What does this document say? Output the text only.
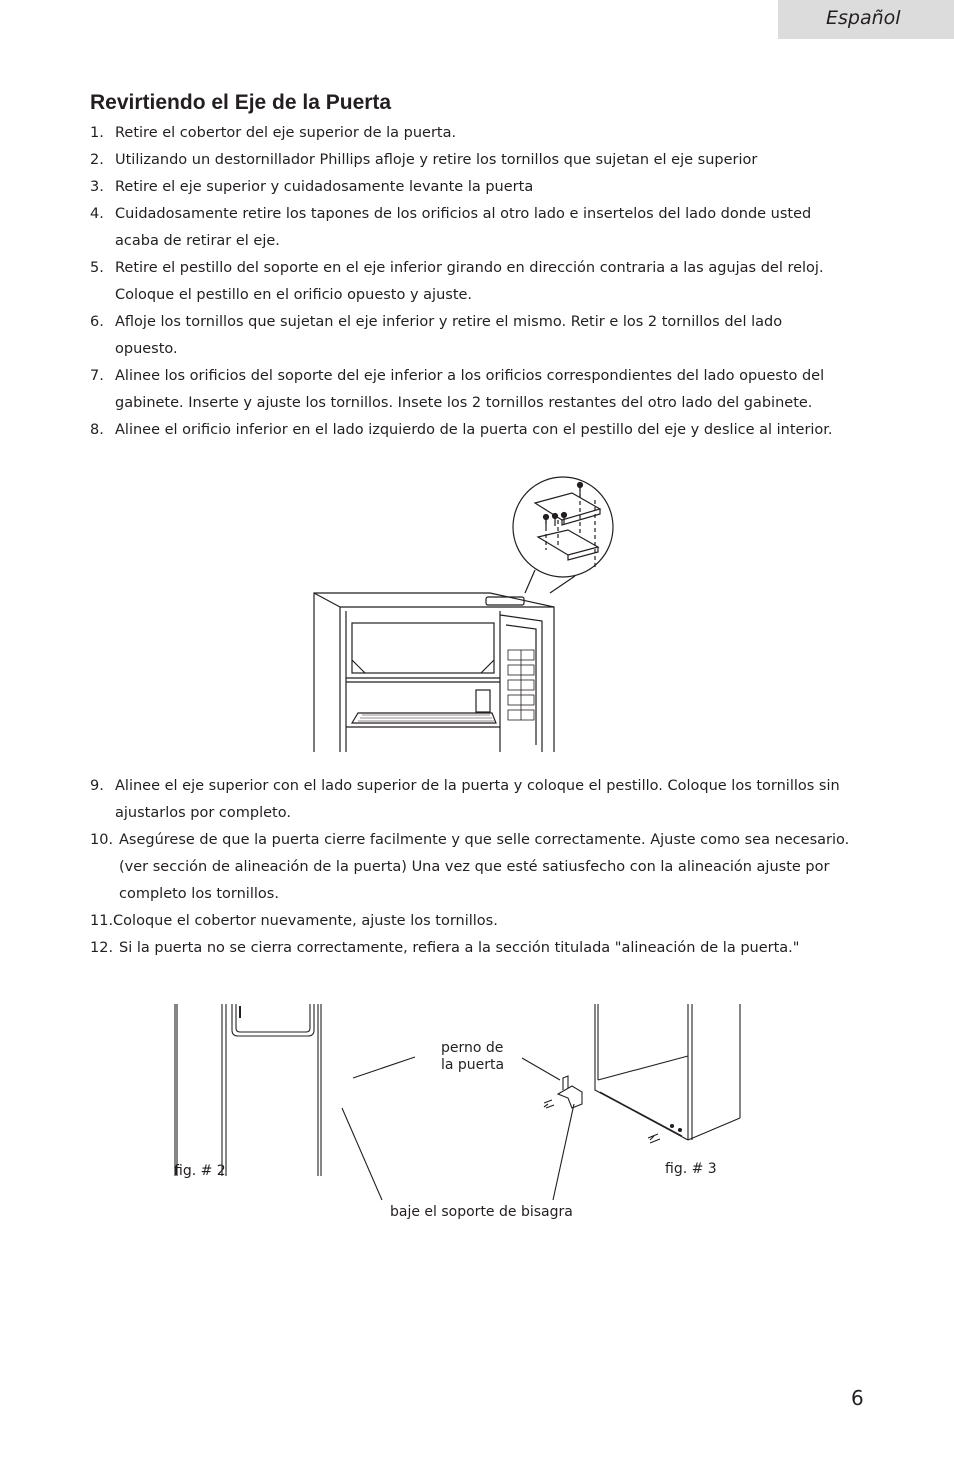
Español
Revirtiendo el Eje de la Puerta
1. Retire el cobertor del eje superior de la puerta.
2. Utilizando un destornillador Phillips afloje y retire los tornillos que sujetan el eje superior
3. Retire el eje superior y cuidadosamente levante la puerta
4. Cuidadosamente retire los tapones de los orificios al otro lado e insertelos del lado donde usted acaba de retirar el eje.
5. Retire el pestillo del soporte en el eje inferior girando en dirección contraria a las agujas del reloj. Coloque el pestillo en el orificio opuesto y ajuste.
6. Afloje los tornillos que sujetan el eje inferior y retire el mismo. Retir e los 2 tornillos del lado opuesto.
7. Alinee los orificios del soporte del eje inferior a los orificios correspondientes del lado opuesto del gabinete. Inserte y ajuste los tornillos. Insete los 2 tornillos restantes del otro lado del gabinete.
8. Alinee el orificio inferior en el lado izquierdo de la puerta con el pestillo del eje y deslice al interior.
9. Alinee el eje superior con el lado superior de la puerta y coloque el pestillo. Coloque los tornillos sin ajustarlos por completo.
10. Asegúrese de que la puerta cierre facilmente y que selle correctamente. Ajuste como sea necesario. (ver sección de alineación de la puerta) Una vez que esté satiusfecho con la alineación ajuste por completo los tornillos.
11.Coloque el cobertor nuevamente, ajuste los tornillos.
12. Si la puerta no se cierra correctamente, refiera a la sección titulada "alineación de la puerta."
perno de
la puerta
fig. # 2	fig. # 3
baje el soporte de bisagra
6
